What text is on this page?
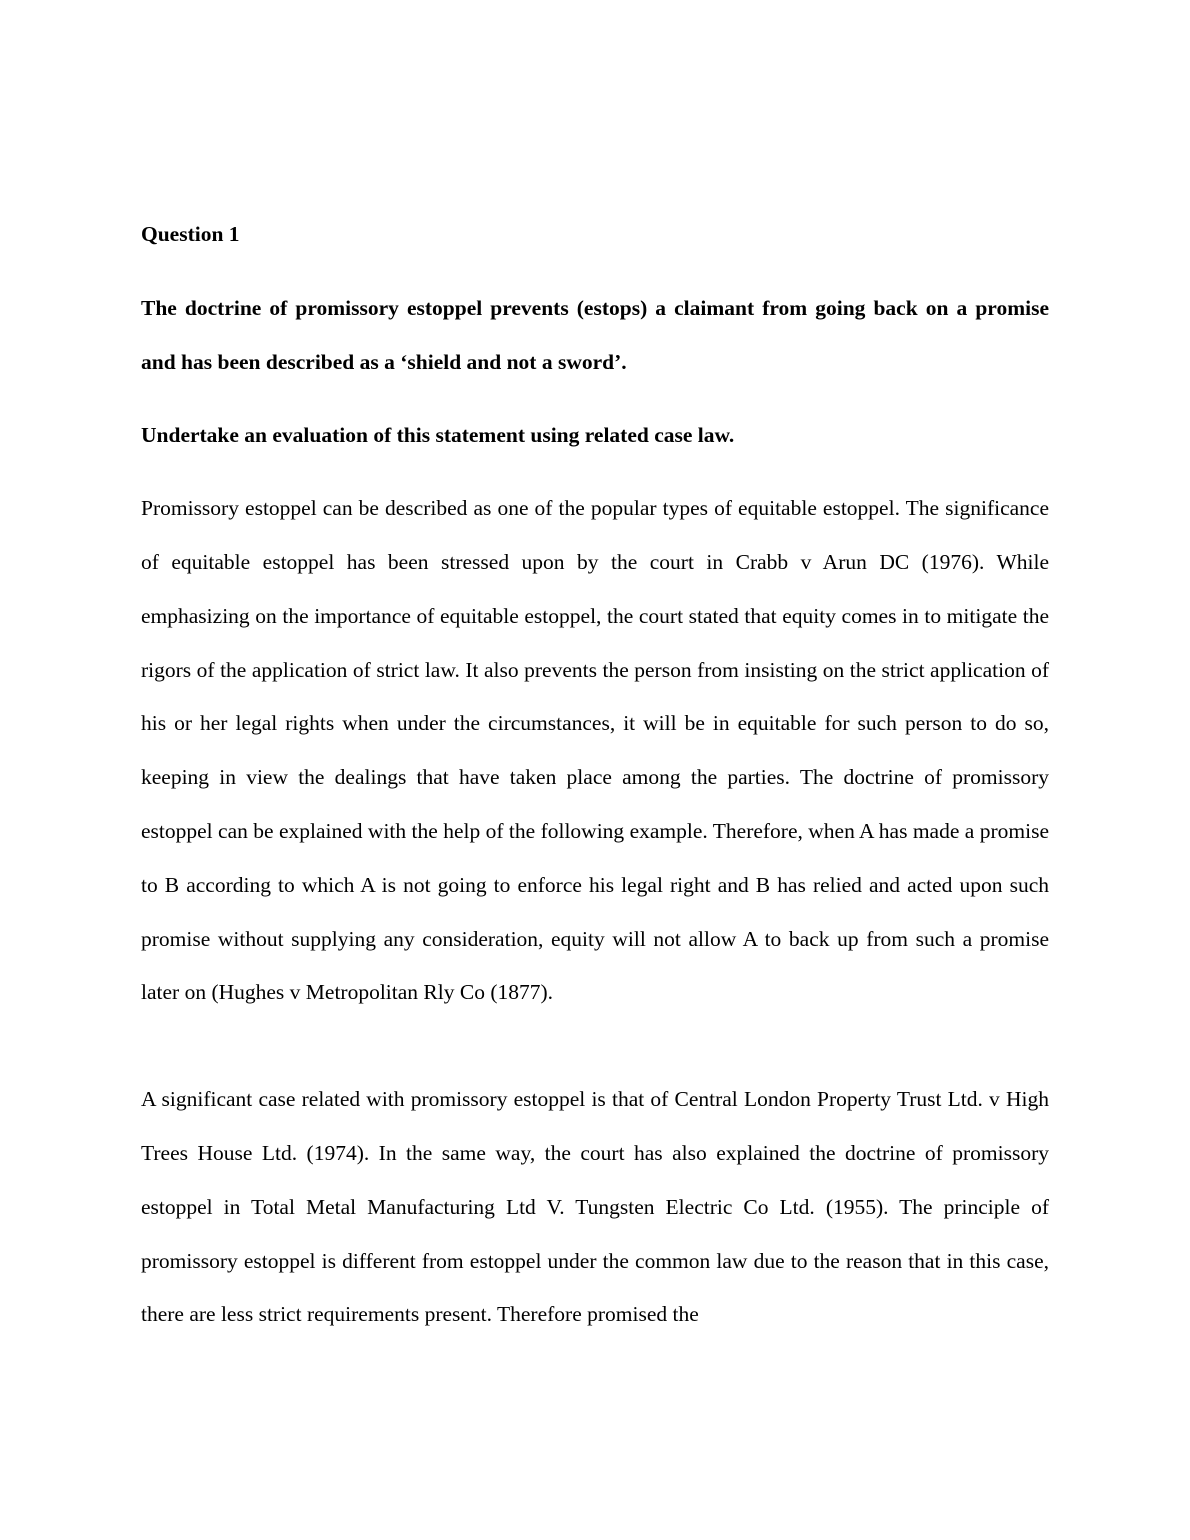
Question 1

The doctrine of promissory estoppel prevents (estops) a claimant from going back on a promise and has been described as a ‘shield and not a sword’.

Undertake an evaluation of this statement using related case law.

Promissory estoppel can be described as one of the popular types of equitable estoppel. The significance of equitable estoppel has been stressed upon by the court in Crabb v Arun DC (1976). While emphasizing on the importance of equitable estoppel, the court stated that equity comes in to mitigate the rigors of the application of strict law. It also prevents the person from insisting on the strict application of his or her legal rights when under the circumstances, it will be in equitable for such person to do so, keeping in view the dealings that have taken place among the parties. The doctrine of promissory estoppel can be explained with the help of the following example. Therefore, when A has made a promise to B according to which A is not going to enforce his legal right and B has relied and acted upon such promise without supplying any consideration, equity will not allow A to back up from such a promise later on (Hughes v Metropolitan Rly Co (1877).

A significant case related with promissory estoppel is that of Central London Property Trust Ltd. v High Trees House Ltd. (1974). In the same way, the court has also explained the doctrine of promissory estoppel in Total Metal Manufacturing Ltd V. Tungsten Electric Co Ltd. (1955). The principle of promissory estoppel is different from estoppel under the common law due to the reason that in this case, there are less strict requirements present. Therefore promised the
